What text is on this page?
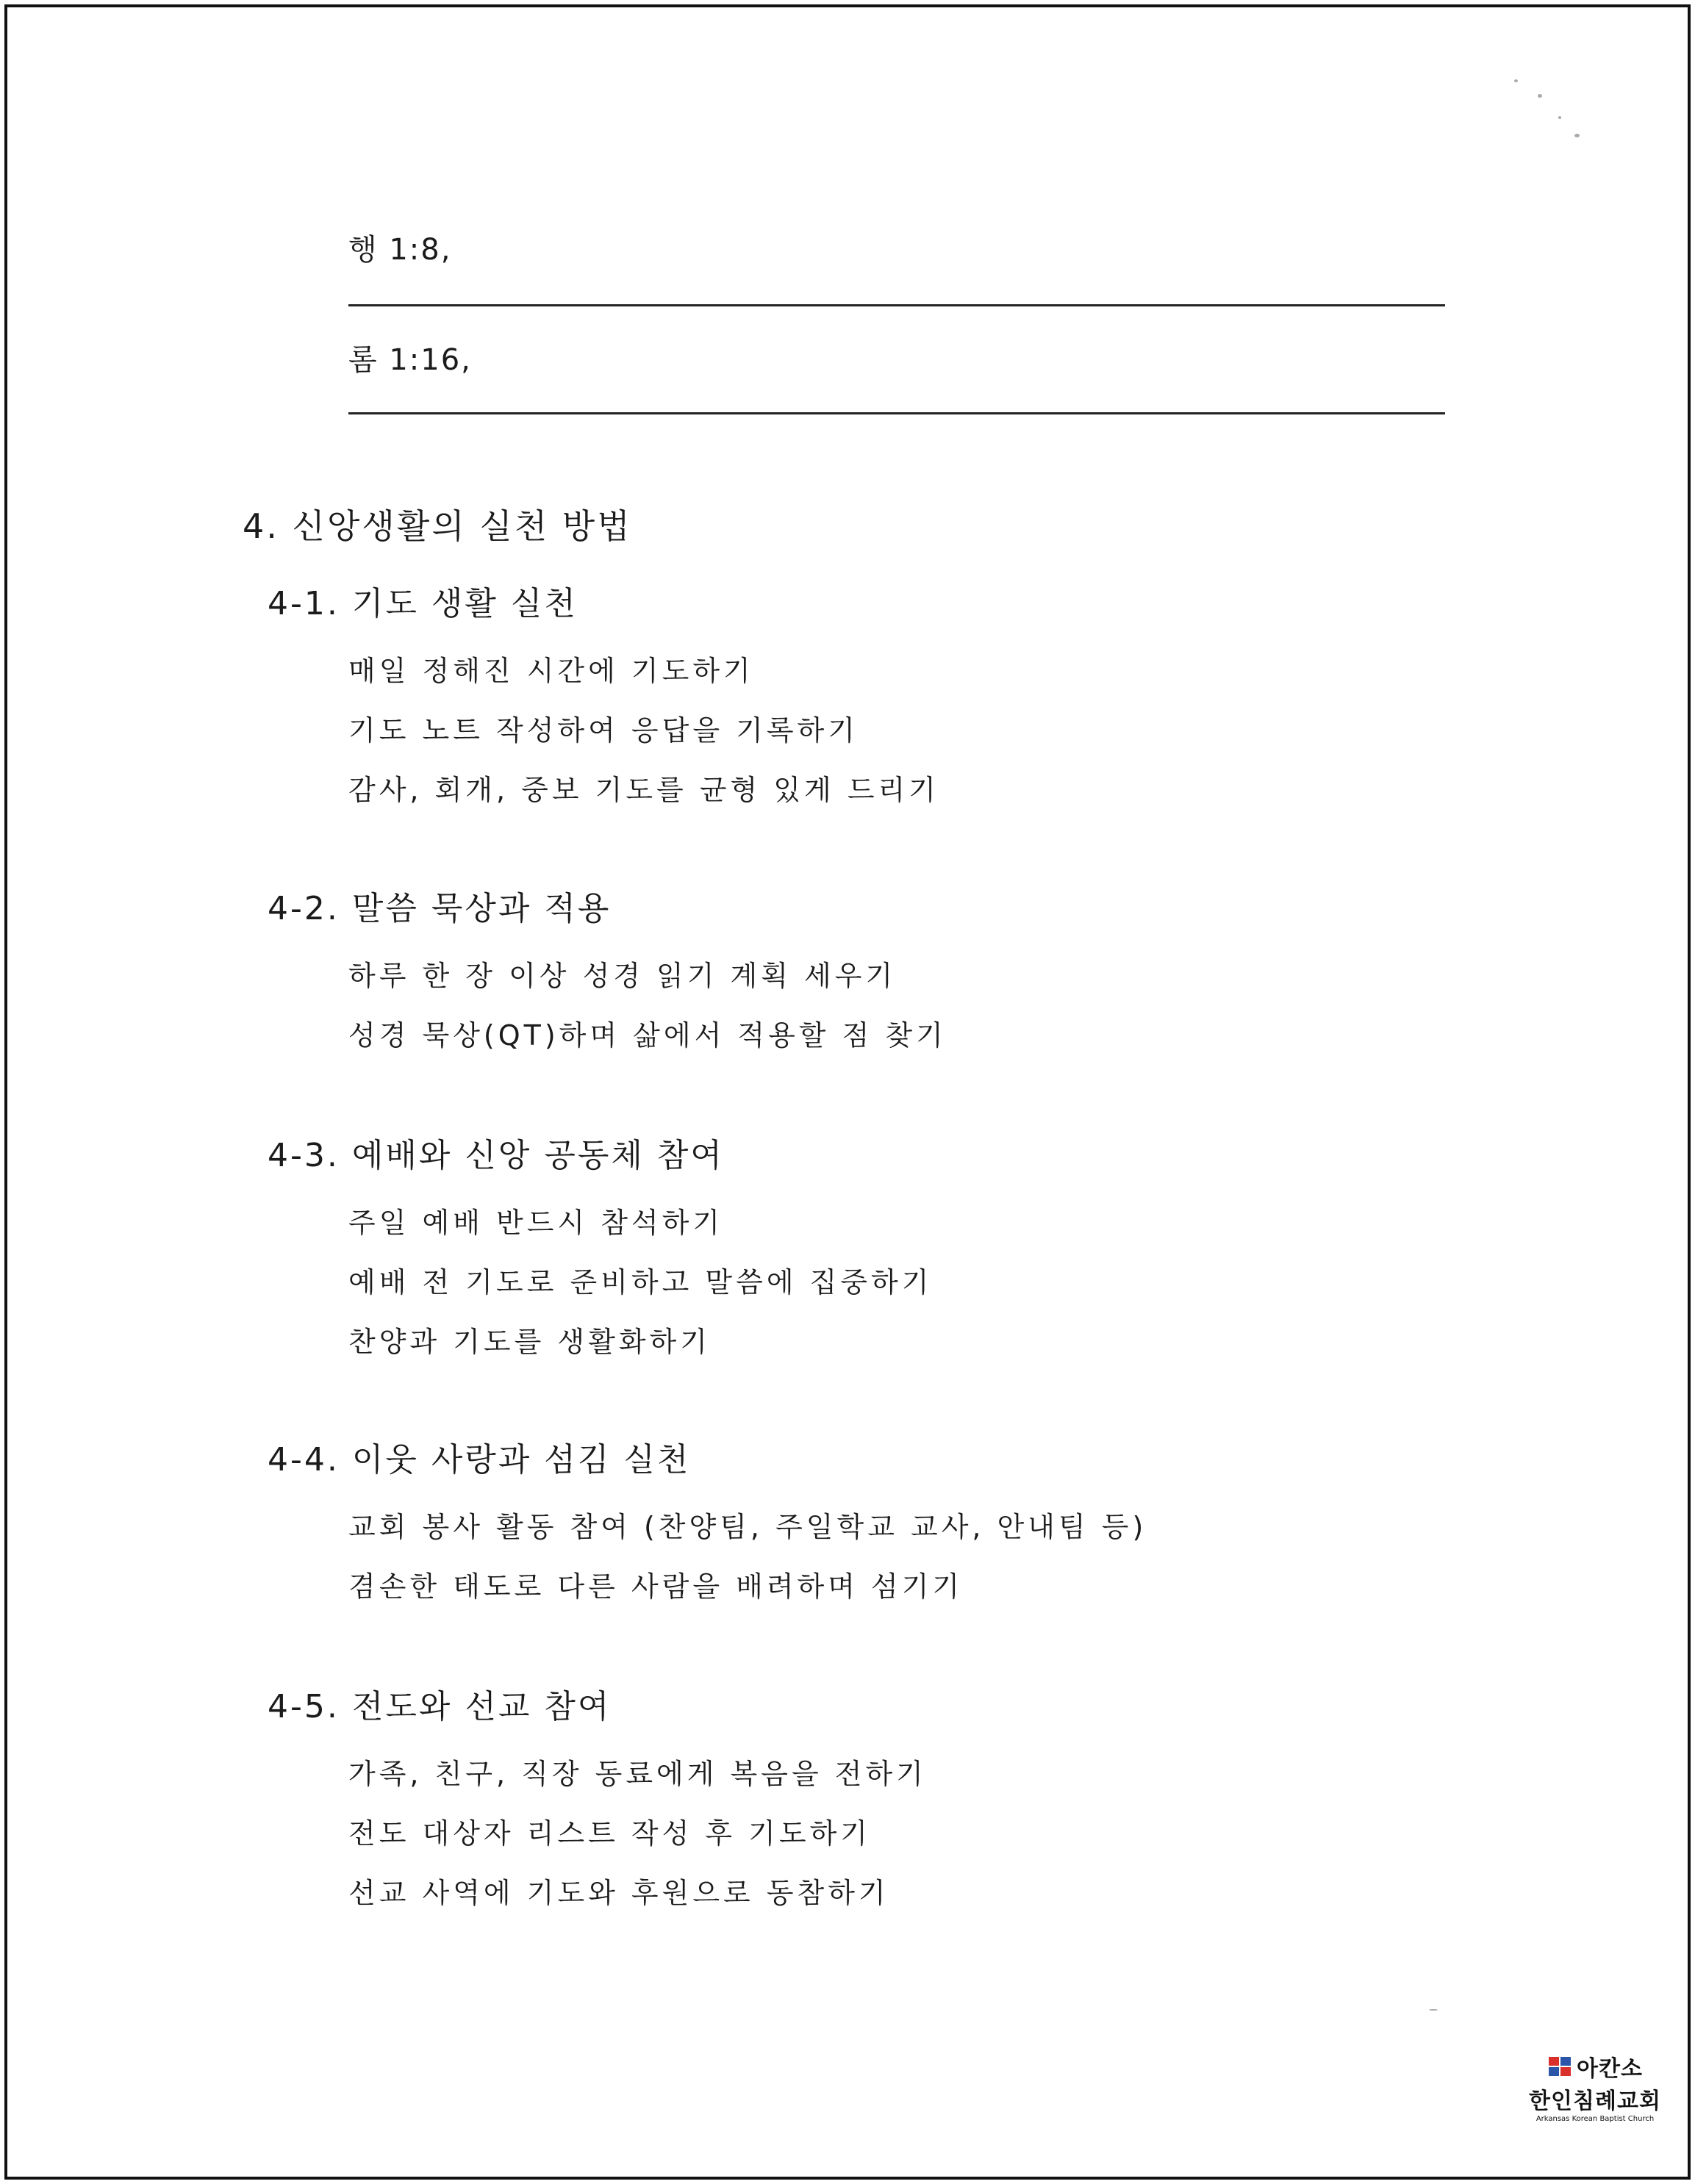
행 1:8,
롬 1:16,
4. 신앙생활의 실천 방법
4-1. 기도 생활 실천
매일 정해진 시간에 기도하기
기도 노트 작성하여 응답을 기록하기
감사, 회개, 중보 기도를 균형 있게 드리기
4-2. 말씀 묵상과 적용
하루 한 장 이상 성경 읽기 계획 세우기
성경 묵상(QT)하며 삶에서 적용할 점 찾기
4-3. 예배와 신앙 공동체 참여
주일 예배 반드시 참석하기
예배 전 기도로 준비하고 말씀에 집중하기
찬양과 기도를 생활화하기
4-4. 이웃 사랑과 섬김 실천
교회 봉사 활동 참여 (찬양팀, 주일학교 교사, 안내팀 등)
겸손한 태도로 다른 사람을 배려하며 섬기기
4-5. 전도와 선교 참여
가족, 친구, 직장 동료에게 복음을 전하기
전도 대상자 리스트 작성 후 기도하기
선교 사역에 기도와 후원으로 동참하기
아칸소
한인침례교회
Arkansas Korean Baptist Church
